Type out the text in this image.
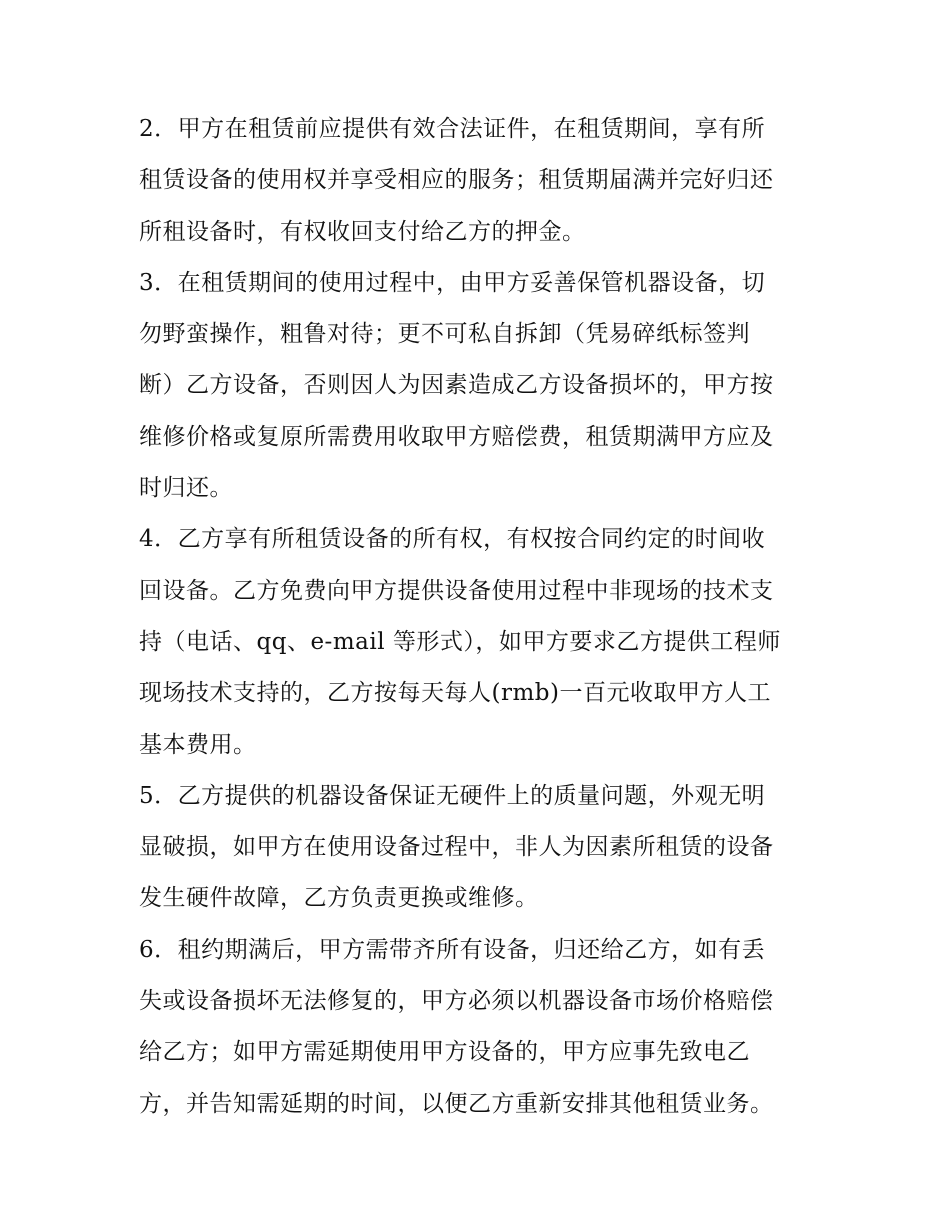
2．甲方在租赁前应提供有效合法证件，在租赁期间，享有所
租赁设备的使用权并享受相应的服务；租赁期届满并完好归还
所租设备时，有权收回支付给乙方的押金。
3．在租赁期间的使用过程中，由甲方妥善保管机器设备，切
勿野蛮操作，粗鲁对待；更不可私自拆卸（凭易碎纸标签判
断）乙方设备，否则因人为因素造成乙方设备损坏的，甲方按
维修价格或复原所需费用收取甲方赔偿费，租赁期满甲方应及
时归还。
4．乙方享有所租赁设备的所有权，有权按合同约定的时间收
回设备。乙方免费向甲方提供设备使用过程中非现场的技术支
持（电话、qq、e-mail 等形式），如甲方要求乙方提供工程师
现场技术支持的，乙方按每天每人(rmb)一百元收取甲方人工
基本费用。
5．乙方提供的机器设备保证无硬件上的质量问题，外观无明
显破损，如甲方在使用设备过程中，非人为因素所租赁的设备
发生硬件故障，乙方负责更换或维修。
6．租约期满后，甲方需带齐所有设备，归还给乙方，如有丢
失或设备损坏无法修复的，甲方必须以机器设备市场价格赔偿
给乙方；如甲方需延期使用甲方设备的，甲方应事先致电乙
方，并告知需延期的时间，以便乙方重新安排其他租赁业务。
